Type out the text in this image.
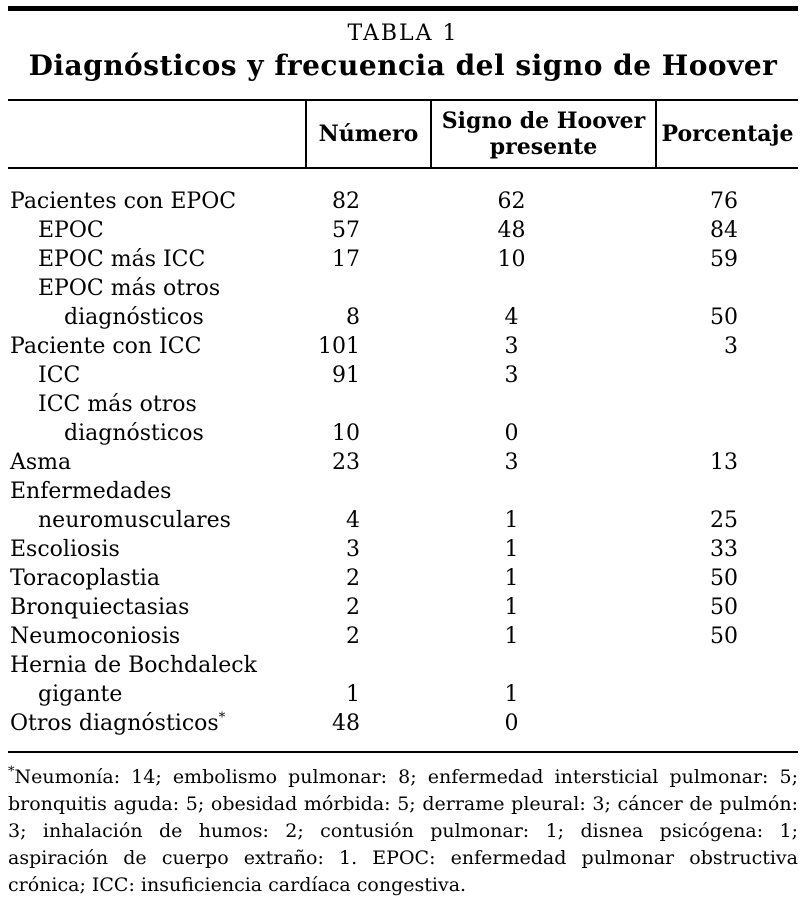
TABLA 1
Diagnósticos y frecuencia del signo de Hoover
Número
Signo de Hoover presente
Porcentaje
Pacientes con EPOC	82	62	76
EPOC	57	48	84
EPOC más ICC	17	10	59
EPOC más otros
diagnósticos	8	4	50
Paciente con ICC	101	3	3
ICC	91	3
ICC más otros
diagnósticos	10	0
Asma	23	3	13
Enfermedades
neuromusculares	4	1	25
Escoliosis	3	1	33
Toracoplastia	2	1	50
Bronquiectasias	2	1	50
Neumoconiosis	2	1	50
Hernia de Bochdaleck
gigante	1	1
Otros diagnósticos*	48	0
*Neumonía: 14; embolismo pulmonar: 8; enfermedad intersticial pulmonar: 5; bronquitis aguda: 5; obesidad mórbida: 5; derrame pleural: 3; cáncer de pulmón: 3; inhalación de humos: 2; contusión pulmonar: 1; disnea psicógena: 1; aspiración de cuerpo extraño: 1. EPOC: enfermedad pulmonar obstructiva crónica; ICC: insuficiencia cardíaca congestiva.
